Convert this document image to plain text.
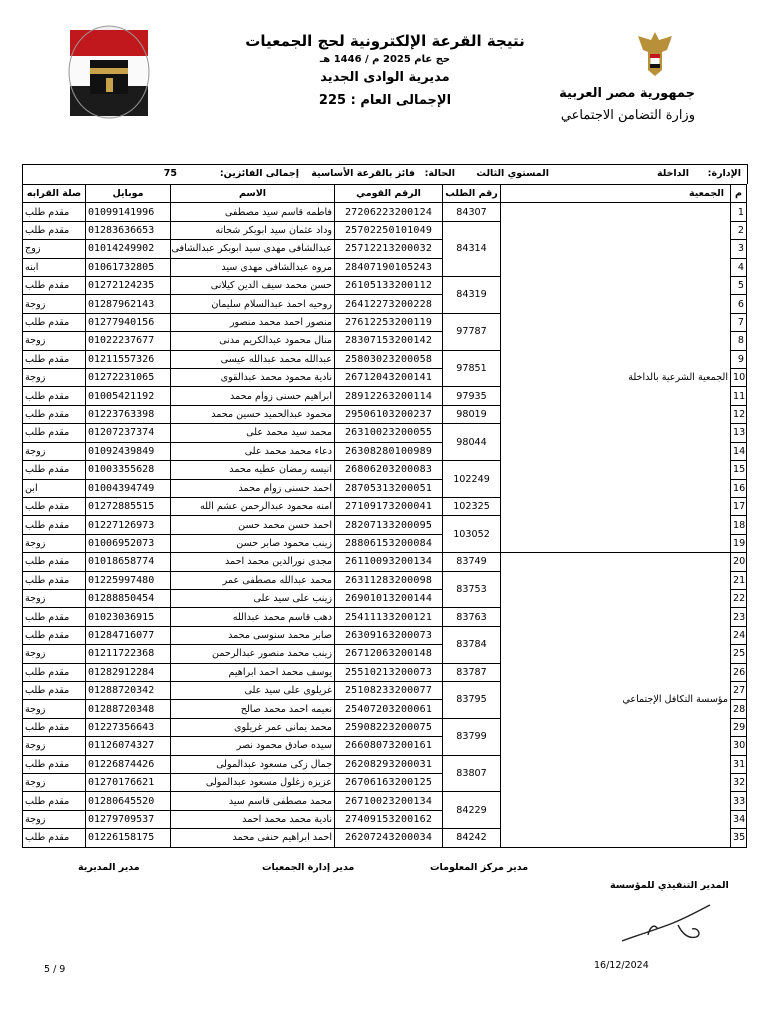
نتيجة القرعة الإلكترونية لحج الجمعيات
حج عام 2025 م / 1446 هـ
مديرية الوادى الجديد
الإجمالى العام : 225	جمهورية مصر العربية
وزارة التضامن الاجتماعي
الإدارة:
الداخلة
المستوي الثالث
الحالة:
فائز بالقرعة الأساسية
إجمالى الفائزين:
75
صلة القرابه	موبايل	الاسم	الرقم القومي	رقم الطلب	الجمعية	م
مقدم طلب	01099141996	فاطمه قاسم سيد مصطفى	27206223200124	84307	الجمعية الشرعية بالداخلة	1
مقدم طلب	01283636653	وداد عثمان سيد ابوبكر شحاته	25702250101049	84314		2
زوج	01014249902	عبدالشافى مهدى سيد ابوبكر عبدالشافى	25712213200032			3
ابنه	01061732805	مروه عبدالشافى مهدى سيد	28407190105243			4
مقدم طلب	01272124235	حسن محمد سيف الدين كيلانى	26105133200112	84319		5
زوجة	01287962143	روحيه احمد عبدالسلام سليمان	26412273200228			6
مقدم طلب	01277940156	منصور احمد محمد منصور	27612253200119	97787		7
زوجة	01022237677	منال محمود عبدالكريم مدنى	28307153200142			8
مقدم طلب	01211557326	عبدالله محمد عبدالله عيسى	25803023200058	97851		9
زوجة	01272231065	نادية محمود محمد عبدالقوى	26712043200141			10
مقدم طلب	01005421192	ابراهيم حسنى زوام محمد	28912263200114	97935		11
مقدم طلب	01223763398	محمود عبدالحميد حسين محمد	29506103200237	98019		12
مقدم طلب	01207237374	محمد سيد محمد على	26310023200055	98044		13
زوجة	01092439849	دعاء محمد محمد على	26308280100989			14
مقدم طلب	01003355628	انيسه رمضان عطيه محمد	26806203200083	102249		15
ابن	01004394749	احمد حسنى زوام محمد	28705313200051			16
مقدم طلب	01272885515	امنه محمود عبدالرحمن عشم الله	27109173200041	102325		17
مقدم طلب	01227126973	احمد حسن محمد حسن	28207133200095	103052		18
زوجة	01006952073	زينب محمود صابر حسن	28806153200084			19
مقدم طلب	01018658774	مجدى نورالدين محمد احمد	26110093200134	83749	مؤسسة التكافل الإجتماعي	20
مقدم طلب	01225997480	محمد عبدالله مصطفى عمر	26311283200098	83753		21
زوجة	01288850454	زينب على سيد على	26901013200144			22
مقدم طلب	01023036915	دهب قاسم محمد عبدالله	25411133200121	83763		23
مقدم طلب	01284716077	صابر محمد سنوسى محمد	26309163200073	83784		24
زوجة	01211722368	زينب محمد منصور عبدالرحمن	26712063200148			25
مقدم طلب	01282912284	يوسف محمد احمد ابراهيم	25510213200073	83787		26
مقدم طلب	01288720342	غريلوى على سيد على	25108233200077	83795		27
زوجة	01288720348	نعيمه احمد محمد صالح	25407203200061			28
مقدم طلب	01227356643	محمد يمانى عمر غريلوى	25908223200075	83799		29
زوجة	01126074327	سيده صادق محمود نصر	26608073200161			30
مقدم طلب	01226874426	جمال زكى مسعود عبدالمولى	26208293200031	83807		31
زوجة	01270176621	عزيزه زغلول مسعود عبدالمولى	26706163200125			32
مقدم طلب	01280645520	محمد مصطفى قاسم سيد	26710023200134	84229		33
زوجة	01279709537	نادية محمد محمد احمد	27409153200162			34
مقدم طلب	01226158175	احمد ابراهيم حنفى محمد	26207243200034	84242		35
مدير مركز المعلومات
مدير إدارة الجمعيات
مدير المديرية
المدير التنفيذي للمؤسسة
16/12/2024
5 / 9
